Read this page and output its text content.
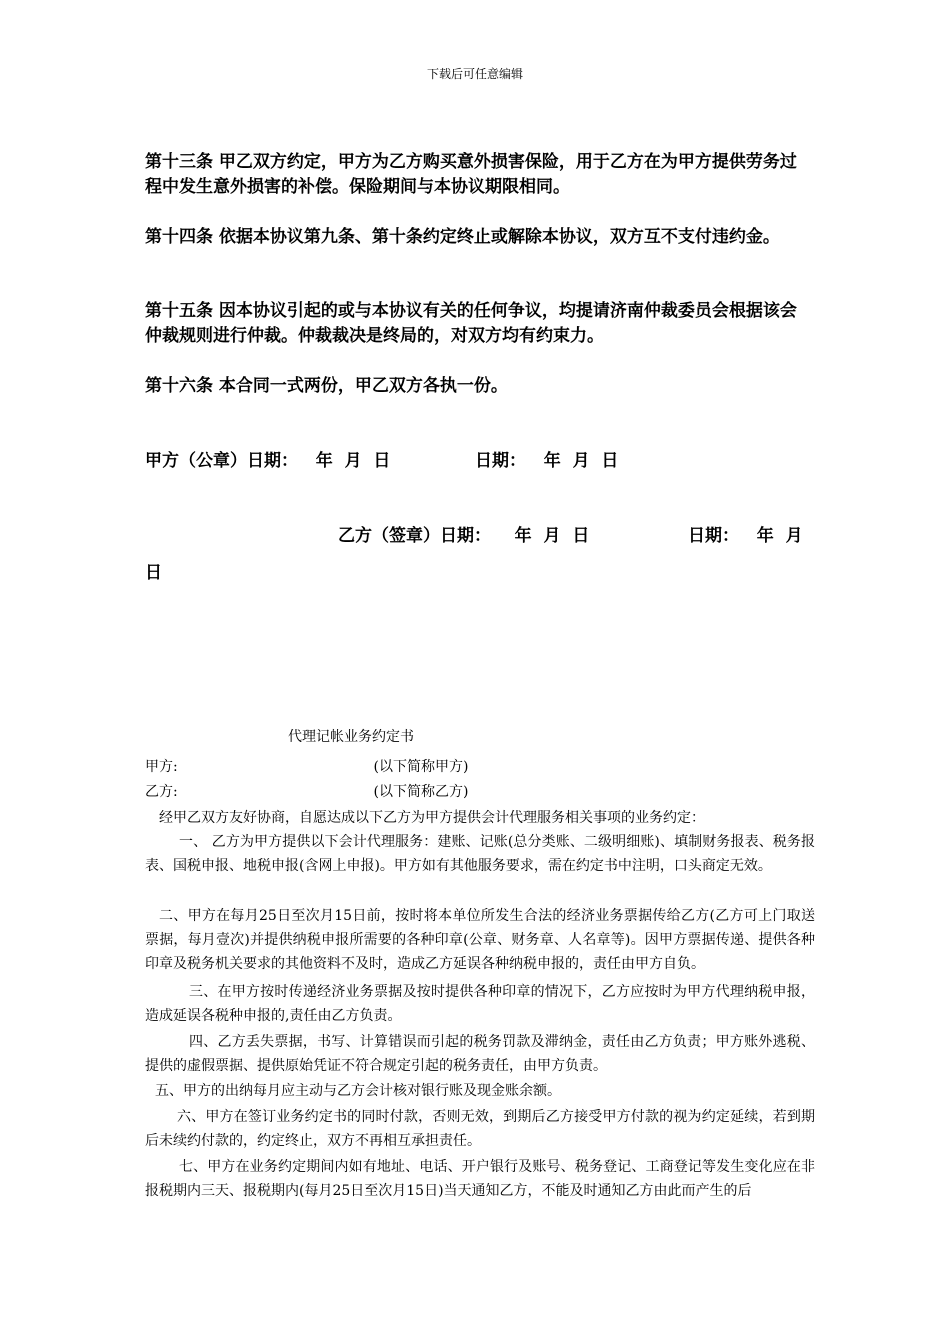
下载后可任意编辑
第十三条 甲乙双方约定，甲方为乙方购买意外损害保险，用于乙方在为甲方提供劳务过程中发生意外损害的补偿。保险期间与本协议期限相同。
第十四条 依据本协议第九条、第十条约定终止或解除本协议，双方互不支付违约金。
第十五条 因本协议引起的或与本协议有关的任何争议，均提请济南仲裁委员会根据该会仲裁规则进行仲裁。仲裁裁决是终局的，对双方均有约束力。
第十六条 本合同一式两份，甲乙双方各执一份。
甲方（公章）日期：   年  月  日	日期：   年  月  日
乙方（签章）日期：    年  月  日	日期：   年  月
日
代理记帐业务约定书
甲方:                                            (以下简称甲方)
乙方:                                            (以下简称乙方)
经甲乙双方友好协商，自愿达成以下乙方为甲方提供会计代理服务相关事项的业务约定：
一、 乙方为甲方提供以下会计代理服务：建账、记账(总分类账、二级明细账)、填制财务报表、税务报表、国税申报、地税申报(含网上申报)。甲方如有其他服务要求，需在约定书中注明，口头商定无效。
二、甲方在每月25日至次月15日前，按时将本单位所发生合法的经济业务票据传给乙方(乙方可上门取送票据，每月壹次)并提供纳税申报所需要的各种印章(公章、财务章、人名章等)。因甲方票据传递、提供各种印章及税务机关要求的其他资料不及时，造成乙方延误各种纳税申报的，责任由甲方自负。
三、在甲方按时传递经济业务票据及按时提供各种印章的情况下，乙方应按时为甲方代理纳税申报，造成延误各税种申报的,责任由乙方负责。
四、乙方丢失票据，书写、计算错误而引起的税务罚款及滞纳金，责任由乙方负责；甲方账外逃税、提供的虚假票据、提供原始凭证不符合规定引起的税务责任，由甲方负责。
五、甲方的出纳每月应主动与乙方会计核对银行账及现金账余额。
六、甲方在签订业务约定书的同时付款，否则无效，到期后乙方接受甲方付款的视为约定延续，若到期后未续约付款的，约定终止，双方不再相互承担责任。
七、甲方在业务约定期间内如有地址、电话、开户银行及账号、税务登记、工商登记等发生变化应在非报税期内三天、报税期内(每月25日至次月15日)当天通知乙方，不能及时通知乙方由此而产生的后
